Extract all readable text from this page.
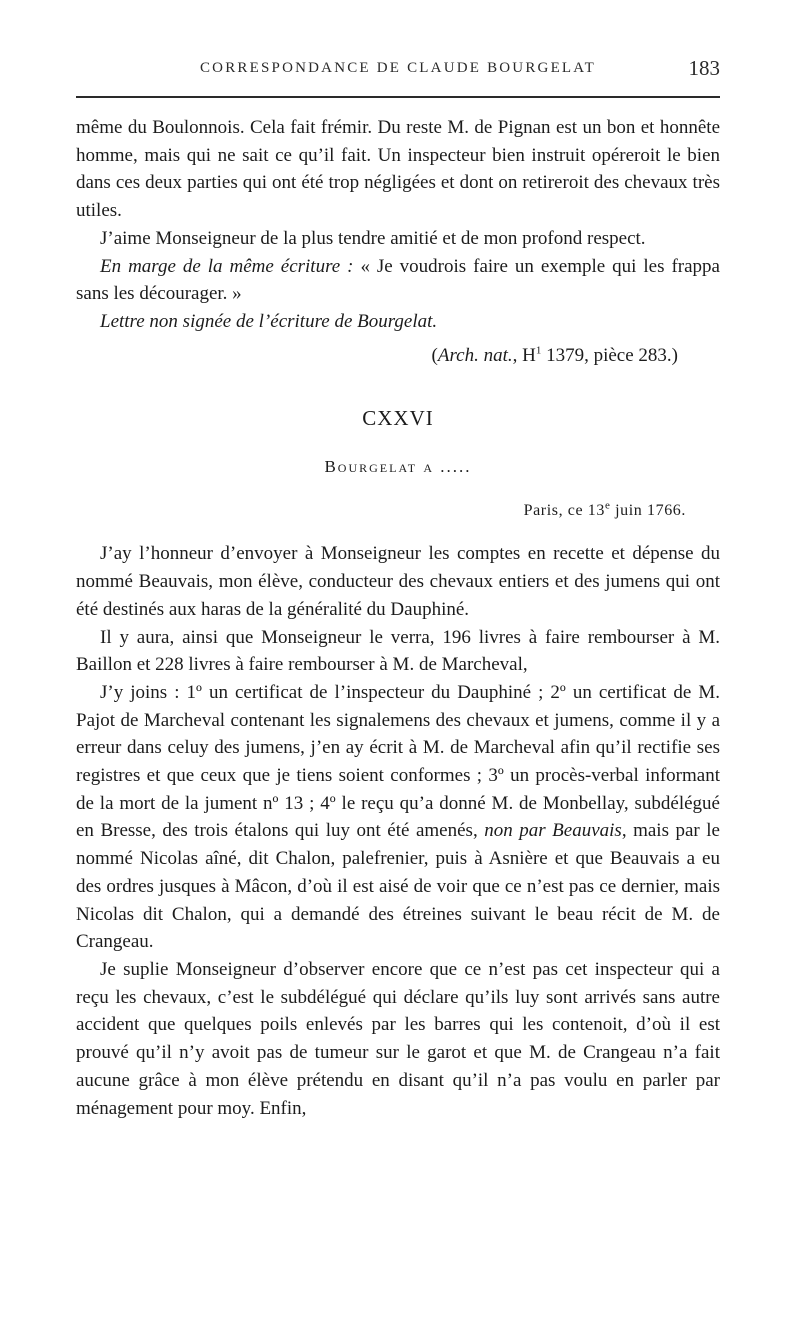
CORRESPONDANCE DE CLAUDE BOURGELAT	183

même du Boulonnois. Cela fait frémir. Du reste M. de Pignan est un bon et honnête homme, mais qui ne sait ce qu’il fait. Un inspecteur bien instruit opéreroit le bien dans ces deux parties qui ont été trop négligées et dont on retireroit des chevaux très utiles.

J’aime Monseigneur de la plus tendre amitié et de mon profond respect.

En marge de la même écriture : « Je voudrois faire un exemple qui les frappa sans les décourager. »

Lettre non signée de l’écriture de Bourgelat.

(Arch. nat., $H^1$ 1379, pièce 283.)

CXXVI

Bourgelat a .....

Paris, ce 13e juin 1766.

J’ay l’honneur d’envoyer à Monseigneur les comptes en recette et dépense du nommé Beauvais, mon élève, conducteur des chevaux entiers et des jumens qui ont été destinés aux haras de la généralité du Dauphiné.

Il y aura, ainsi que Monseigneur le verra, 196 livres à faire rembourser à M. Baillon et 228 livres à faire rembourser à M. de Marcheval,

J’y joins : 1º un certificat de l’inspecteur du Dauphiné ; 2º un certificat de M. Pajot de Marcheval contenant les signalemens des chevaux et jumens, comme il y a erreur dans celuy des jumens, j’en ay écrit à M. de Marcheval afin qu’il rectifie ses registres et que ceux que je tiens soient conformes ; 3º un procès-verbal informant de la mort de la jument nº 13 ; 4º le reçu qu’a donné M. de Monbellay, subdélégué en Bresse, des trois étalons qui luy ont été amenés, non par Beauvais, mais par le nommé Nicolas aîné, dit Chalon, palefrenier, puis à Asnière et que Beauvais a eu des ordres jusques à Mâcon, d’où il est aisé de voir que ce n’est pas ce dernier, mais Nicolas dit Chalon, qui a demandé des étreines suivant le beau récit de M. de Crangeau.

Je suplie Monseigneur d’observer encore que ce n’est pas cet inspecteur qui a reçu les chevaux, c’est le subdélégué qui déclare qu’ils luy sont arrivés sans autre accident que quelques poils enlevés par les barres qui les contenoit, d’où il est prouvé qu’il n’y avoit pas de tumeur sur le garot et que M. de Crangeau n’a fait aucune grâce à mon élève prétendu en disant qu’il n’a pas voulu en parler par ménagement pour moy. Enfin,
